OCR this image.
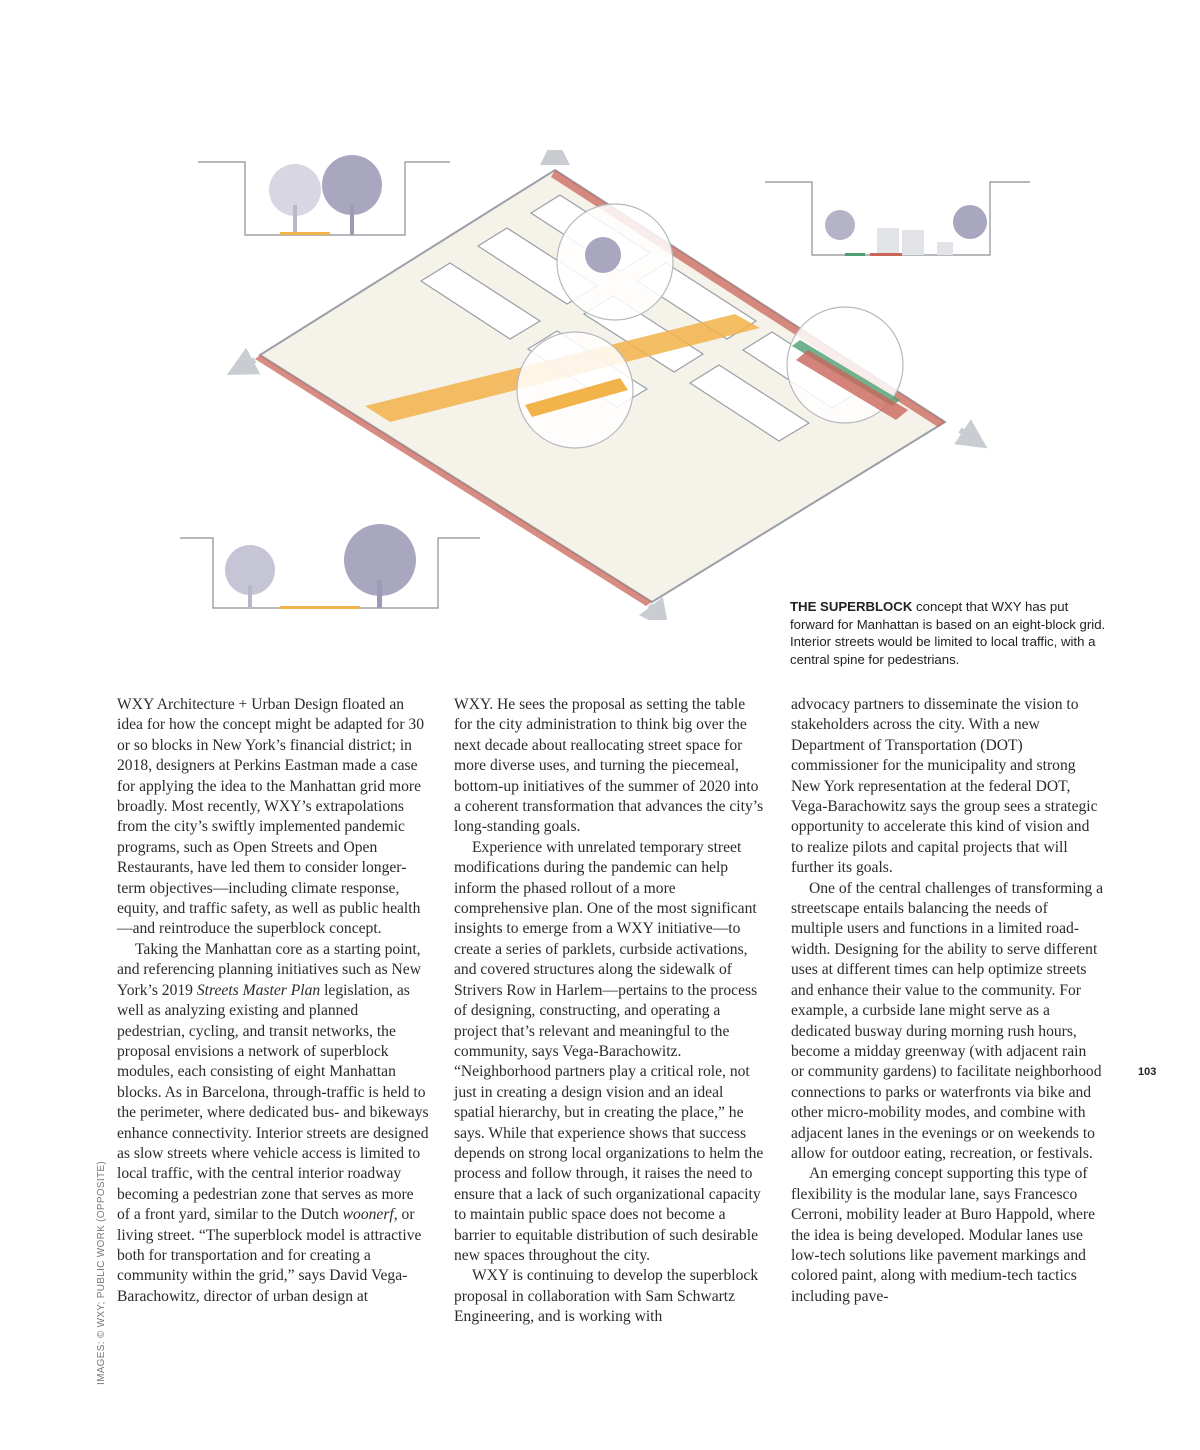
THE SUPERBLOCK concept that WXY has put forward for Manhattan is based on an eight-block grid. Interior streets would be limited to local traffic, with a central spine for pedestrians.
IMAGES: © WXY; PUBLIC WORK (OPPOSITE)

WXY Architecture + Urban Design floated an idea for how the concept might be adapted for 30 or so blocks in New York’s financial district; in 2018, designers at Perkins Eastman made a case for applying the idea to the Manhattan grid more broadly. Most recently, WXY’s extrapolations from the city’s swiftly implemented pandemic programs, such as Open Streets and Open Restaurants, have led them to consider longer-term objectives—including climate response, equity, and traffic safety, as well as public health—and reintroduce the superblock concept.

Taking the Manhattan core as a starting point, and referencing planning initiatives such as New York’s 2019 Streets Master Plan legislation, as well as analyzing existing and planned pedestrian, cycling, and transit networks, the proposal envisions a network of superblock modules, each consisting of eight Manhattan blocks. As in Barcelona, through-traffic is held to the perimeter, where dedicated bus- and bikeways enhance connectivity. Interior streets are designed as slow streets where vehicle access is limited to local traffic, with the central interior roadway becoming a pedestrian zone that serves as more of a front yard, similar to the Dutch woonerf, or living street. “The superblock model is attractive both for transportation and for creating a community within the grid,” says David Vega-Barachowitz, director of urban design at

WXY. He sees the proposal as setting the table for the city administration to think big over the next decade about reallocating street space for more diverse uses, and turning the piecemeal, bottom-up initiatives of the summer of 2020 into a coherent transformation that advances the city’s long-standing goals.

Experience with unrelated temporary street modifications during the pandemic can help inform the phased rollout of a more comprehensive plan. One of the most significant insights to emerge from a WXY initiative—to create a series of parklets, curbside activations, and covered structures along the sidewalk of Strivers Row in Harlem—pertains to the process of designing, constructing, and operating a project that’s relevant and meaningful to the community, says Vega-Barachowitz. “Neighborhood partners play a critical role, not just in creating a design vision and an ideal spatial hierarchy, but in creating the place,” he says. While that experience shows that success depends on strong local organizations to helm the process and follow through, it raises the need to ensure that a lack of such organizational capacity to maintain public space does not become a barrier to equitable distribution of such desirable new spaces throughout the city.

WXY is continuing to develop the superblock proposal in collaboration with Sam Schwartz Engineering, and is working with

advocacy partners to disseminate the vision to stakeholders across the city. With a new Department of Transportation (DOT) commissioner for the municipality and strong New York representation at the federal DOT, Vega-Barachowitz says the group sees a strategic opportunity to accelerate this kind of vision and to realize pilots and capital projects that will further its goals.

One of the central challenges of transforming a streetscape entails balancing the needs of multiple users and functions in a limited road-width. Designing for the ability to serve different uses at different times can help optimize streets and enhance their value to the community. For example, a curbside lane might serve as a dedicated busway during morning rush hours, become a midday greenway (with adjacent rain or community gardens) to facilitate neighborhood connections to parks or waterfronts via bike and other micro-mobility modes, and combine with adjacent lanes in the evenings or on weekends to allow for outdoor eating, recreation, or festivals.

An emerging concept supporting this type of flexibility is the modular lane, says Francesco Cerroni, mobility leader at Buro Happold, where the idea is being developed. Modular lanes use low-tech solutions like pavement markings and colored paint, along with medium-tech tactics including pave-

103
